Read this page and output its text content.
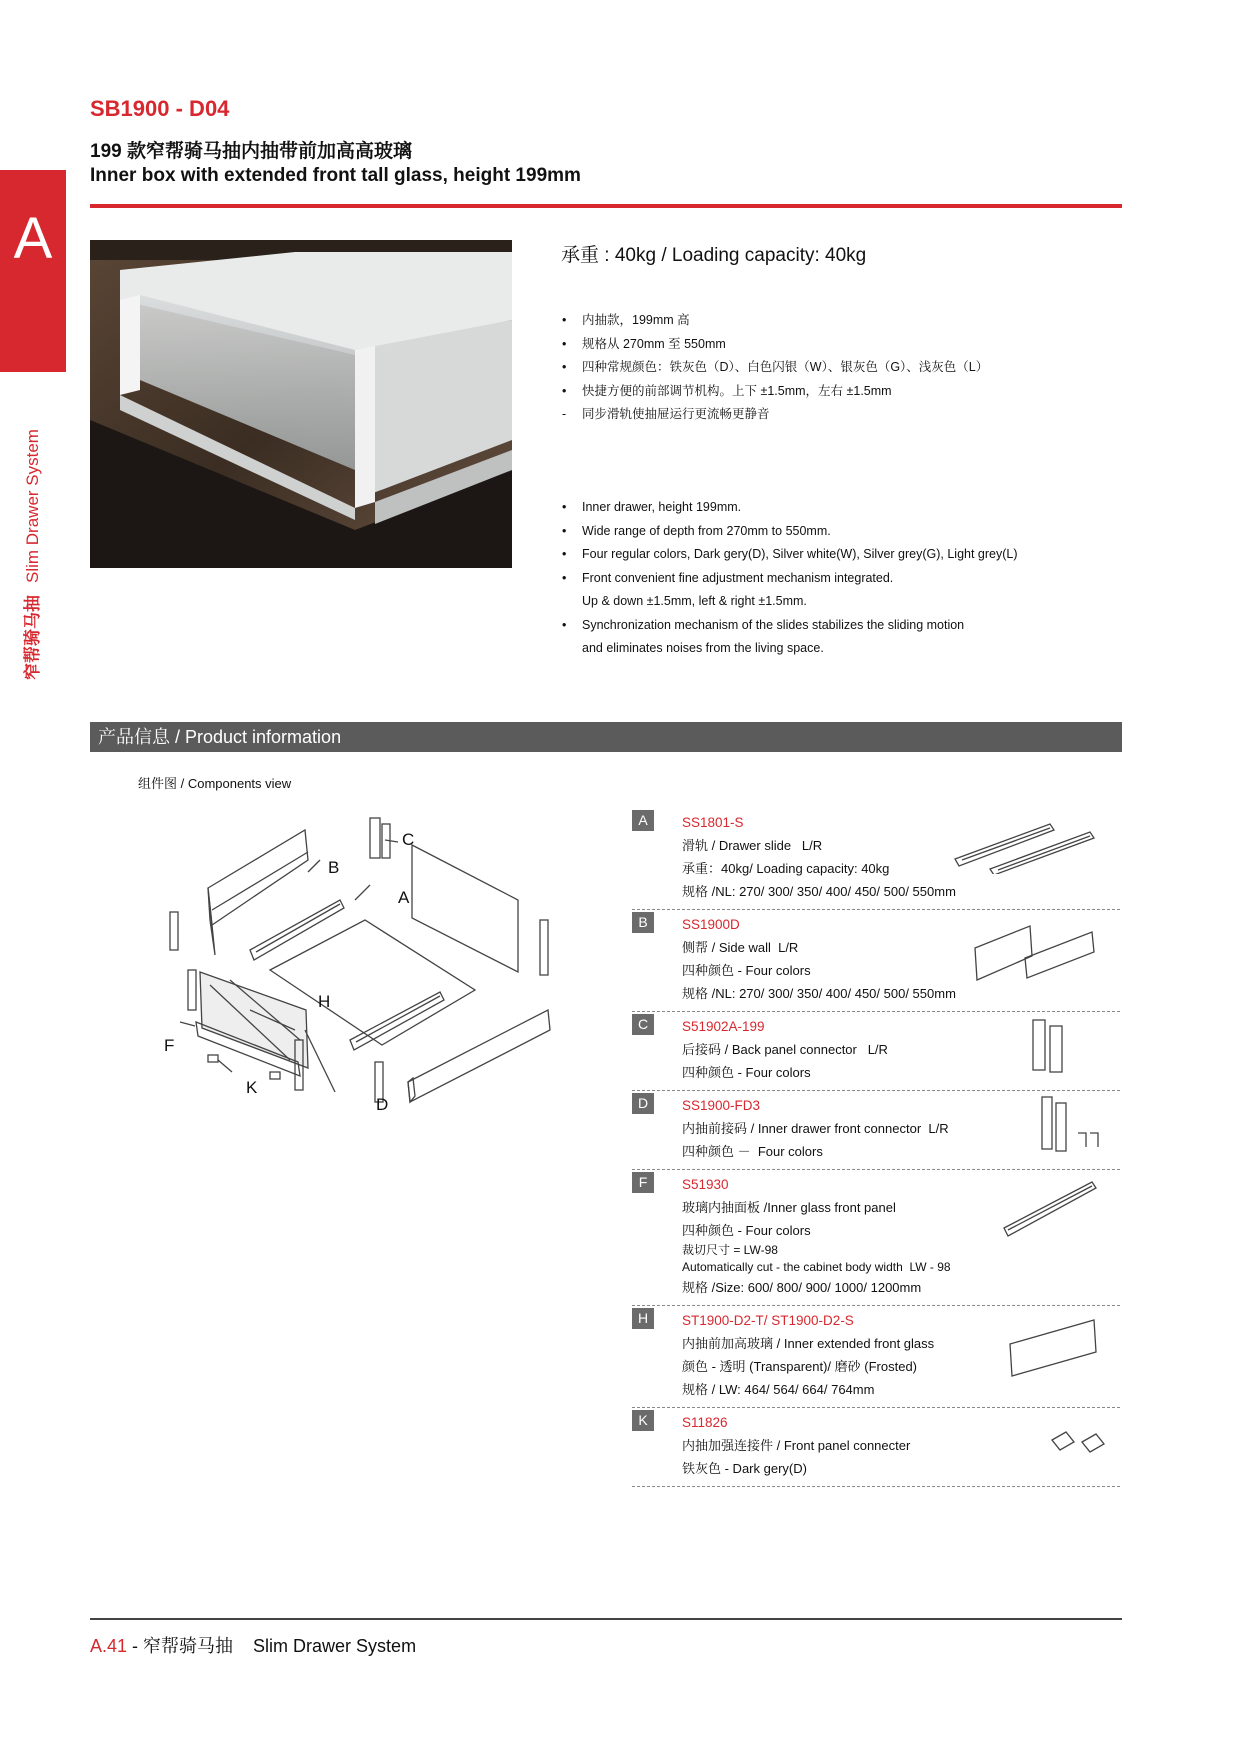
A
窄帮骑马抽Slim Drawer System
SB1900 - D04
199 款窄帮骑马抽内抽带前加高高玻璃
Inner box with extended front tall glass, height 199mm
承重 : 40kg / Loading capacity: 40kg
• 内抽款，199mm 高
• 规格从 270mm 至 550mm
• 四种常规颜色：铁灰色（D）、白色闪银（W）、银灰色（G）、浅灰色（L）
• 快捷方便的前部调节机构。上下 ±1.5mm，左右 ±1.5mm
- 同步滑轨使抽屉运行更流畅更静音
• Inner drawer, height 199mm.
• Wide range of depth from 270mm to 550mm.
• Four regular colors, Dark gery(D), Silver white(W), Silver grey(G), Light grey(L)
• Front convenient fine adjustment mechanism integrated.
Up & down ±1.5mm, left & right ±1.5mm.
• Synchronization mechanism of the slides stabilizes the sliding motion
and eliminates noises from the living space.
产品信息 / Product information
组件图 / Components view
B
C
A
H
F
K
D
A	SS1801-S
滑轨 / Drawer slide   L/R
承重：40kg/ Loading capacity: 40kg
规格 /NL: 270/ 300/ 350/ 400/ 450/ 500/ 550mm
B	SS1900D
侧帮 / Side wall  L/R
四种颜色 - Four colors
规格 /NL: 270/ 300/ 350/ 400/ 450/ 500/ 550mm
C	S51902A-199
后接码 / Back panel connector   L/R
四种颜色 - Four colors
D	SS1900-FD3
内抽前接码 / Inner drawer front connector  L/R
四种颜色 －  Four colors
F	S51930
玻璃内抽面板 /Inner glass front panel
四种颜色 - Four colors
裁切尺寸 = LW-98
Automatically cut - the cabinet body width  LW - 98
规格 /Size: 600/ 800/ 900/ 1000/ 1200mm
H	ST1900-D2-T/ ST1900-D2-S
内抽前加高玻璃 / Inner extended front glass
颜色 - 透明 (Transparent)/ 磨砂 (Frosted)
规格 / LW: 464/ 564/ 664/ 764mm
K	S11826
内抽加强连接件 / Front panel connecter
铁灰色 - Dark gery(D)
A.41 - 窄帮骑马抽 Slim Drawer System
